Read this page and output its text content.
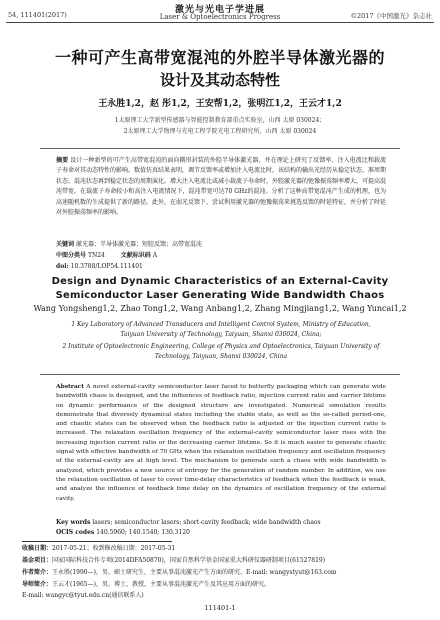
54, 111401(2017)	激光与光电子学进展
Laser & Optoelectronics Progress	©2017《中国激光》杂志社
一种可产生高带宽混沌的外腔半导体激光器的
设计及其动态特性
王永胜1,2，赵 彤1,2，王安帮1,2，张明江1,2，王云才1,2
1太原理工大学新型传感器与智能控制教育部重点实验室，山西 太原 030024；
2太原理工大学物理与光电工程学院光电工程研究所，山西 太原 030024
摘要 设计一种新型的可产生高带宽混沌的面向耦形封装的外腔半导体激光器，并在理论上研究了反馈率、注入电流比和载流子寿命对其动态特性的影响。数值仿真结果表明，调节反馈率或增加注入电流比时，该结构的输出光经历从稳定状态、准周期状态、混沌状态再到稳定状态的周期演化。增大注入电流比或减小载流子寿命时，外腔激光器的弛豫振荡频率增大，可提高混沌带宽。在载流子寿命较小和高注入电流情况下，混沌带宽可达70 GHz的混沌。分析了这种高带宽混沌产生成的机理，也为高速随机数的生成提供了新的路径。此外，在弱光反馈下，尝试利用激光器的弛豫振荡来挑选反馈的时延特征，并分析了时延对外腔振荡频率的影响。
关键词 激光器；半导体激光器；短腔反馈；高带宽混沌
中图分类号 TN24	文献标识码 A
doi: 10.3788/LOP54.111401
Design and Dynamic Characteristics of an External-Cavity
Semiconductor Laser Generating Wide Bandwidth Chaos
Wang Yongsheng1,2, Zhao Tong1,2, Wang Anbang1,2, Zhang Mingjiang1,2, Wang Yuncai1,2
1 Key Laboratory of Advanced Transducers and Intelligent Control System, Ministry of Education,
Taiyuan University of Technology, Taiyuan, Shanxi 030024, China;
2 Institute of Optoelectronic Engineering, College of Physics and Optoelectronics, Taiyuan University of
Technology, Taiyuan, Shanxi 030024, China
Abstract A novel external-cavity semiconductor laser faced to butterfly packaging which can generate wide bandwidth chaos is designed, and the influences of feedback ratio, injection current ratio and carrier lifetime on dynamic performance of the designed structure are investigated. Numerical simulation results demonstrate that diversely dynamical states including the stable state, as well as the so-called period-one, and chaotic states can be observed when the feedback ratio is adjusted or the injection current ratio is increased. The relaxation oscillation frequency of the external-cavity semiconductor laser rises with the increasing injection current ratio or the decreasing carrier lifetime. So it is much easier to generate chaotic signal with effective bandwidth of 70 GHz when the relaxation oscillation frequency and oscillation frequency of the external-cavity are at high level. The mechanism to generate such a chaos with wide bandwidth is analyzed, which provides a new source of entropy for the generation of random number. In addition, we use the relaxation oscillation of laser to cover time-delay characteristics of feedback when the feedback is weak, and analyze the influence of feedback time delay on the dynamics of oscillation frequency of the external cavity.
Key words lasers; semiconductor lasers; short-cavity feedback; wide bandwidth chaos
OCIS codes 140.5960; 140.1540; 130.3120
收稿日期：2017-05-21；收到修改稿日期：2017-05-31
基金项目：国家国际科技合作专项(2014DFA50870)，国家自然科学基金国家重大科研仪器研制项目(61527819)
作者简介：王永胜(1990—)，男，硕士研究生，主要从事混沌激光产生方面的研究。E-mail: wangystyut@163.com
导师简介：王云才(1965—)，男，博士，教授，主要从事混沌激光产生及其应用方面的研究。
E-mail: wangyc@tyut.edu.cn(通信联系人)
111401-1
